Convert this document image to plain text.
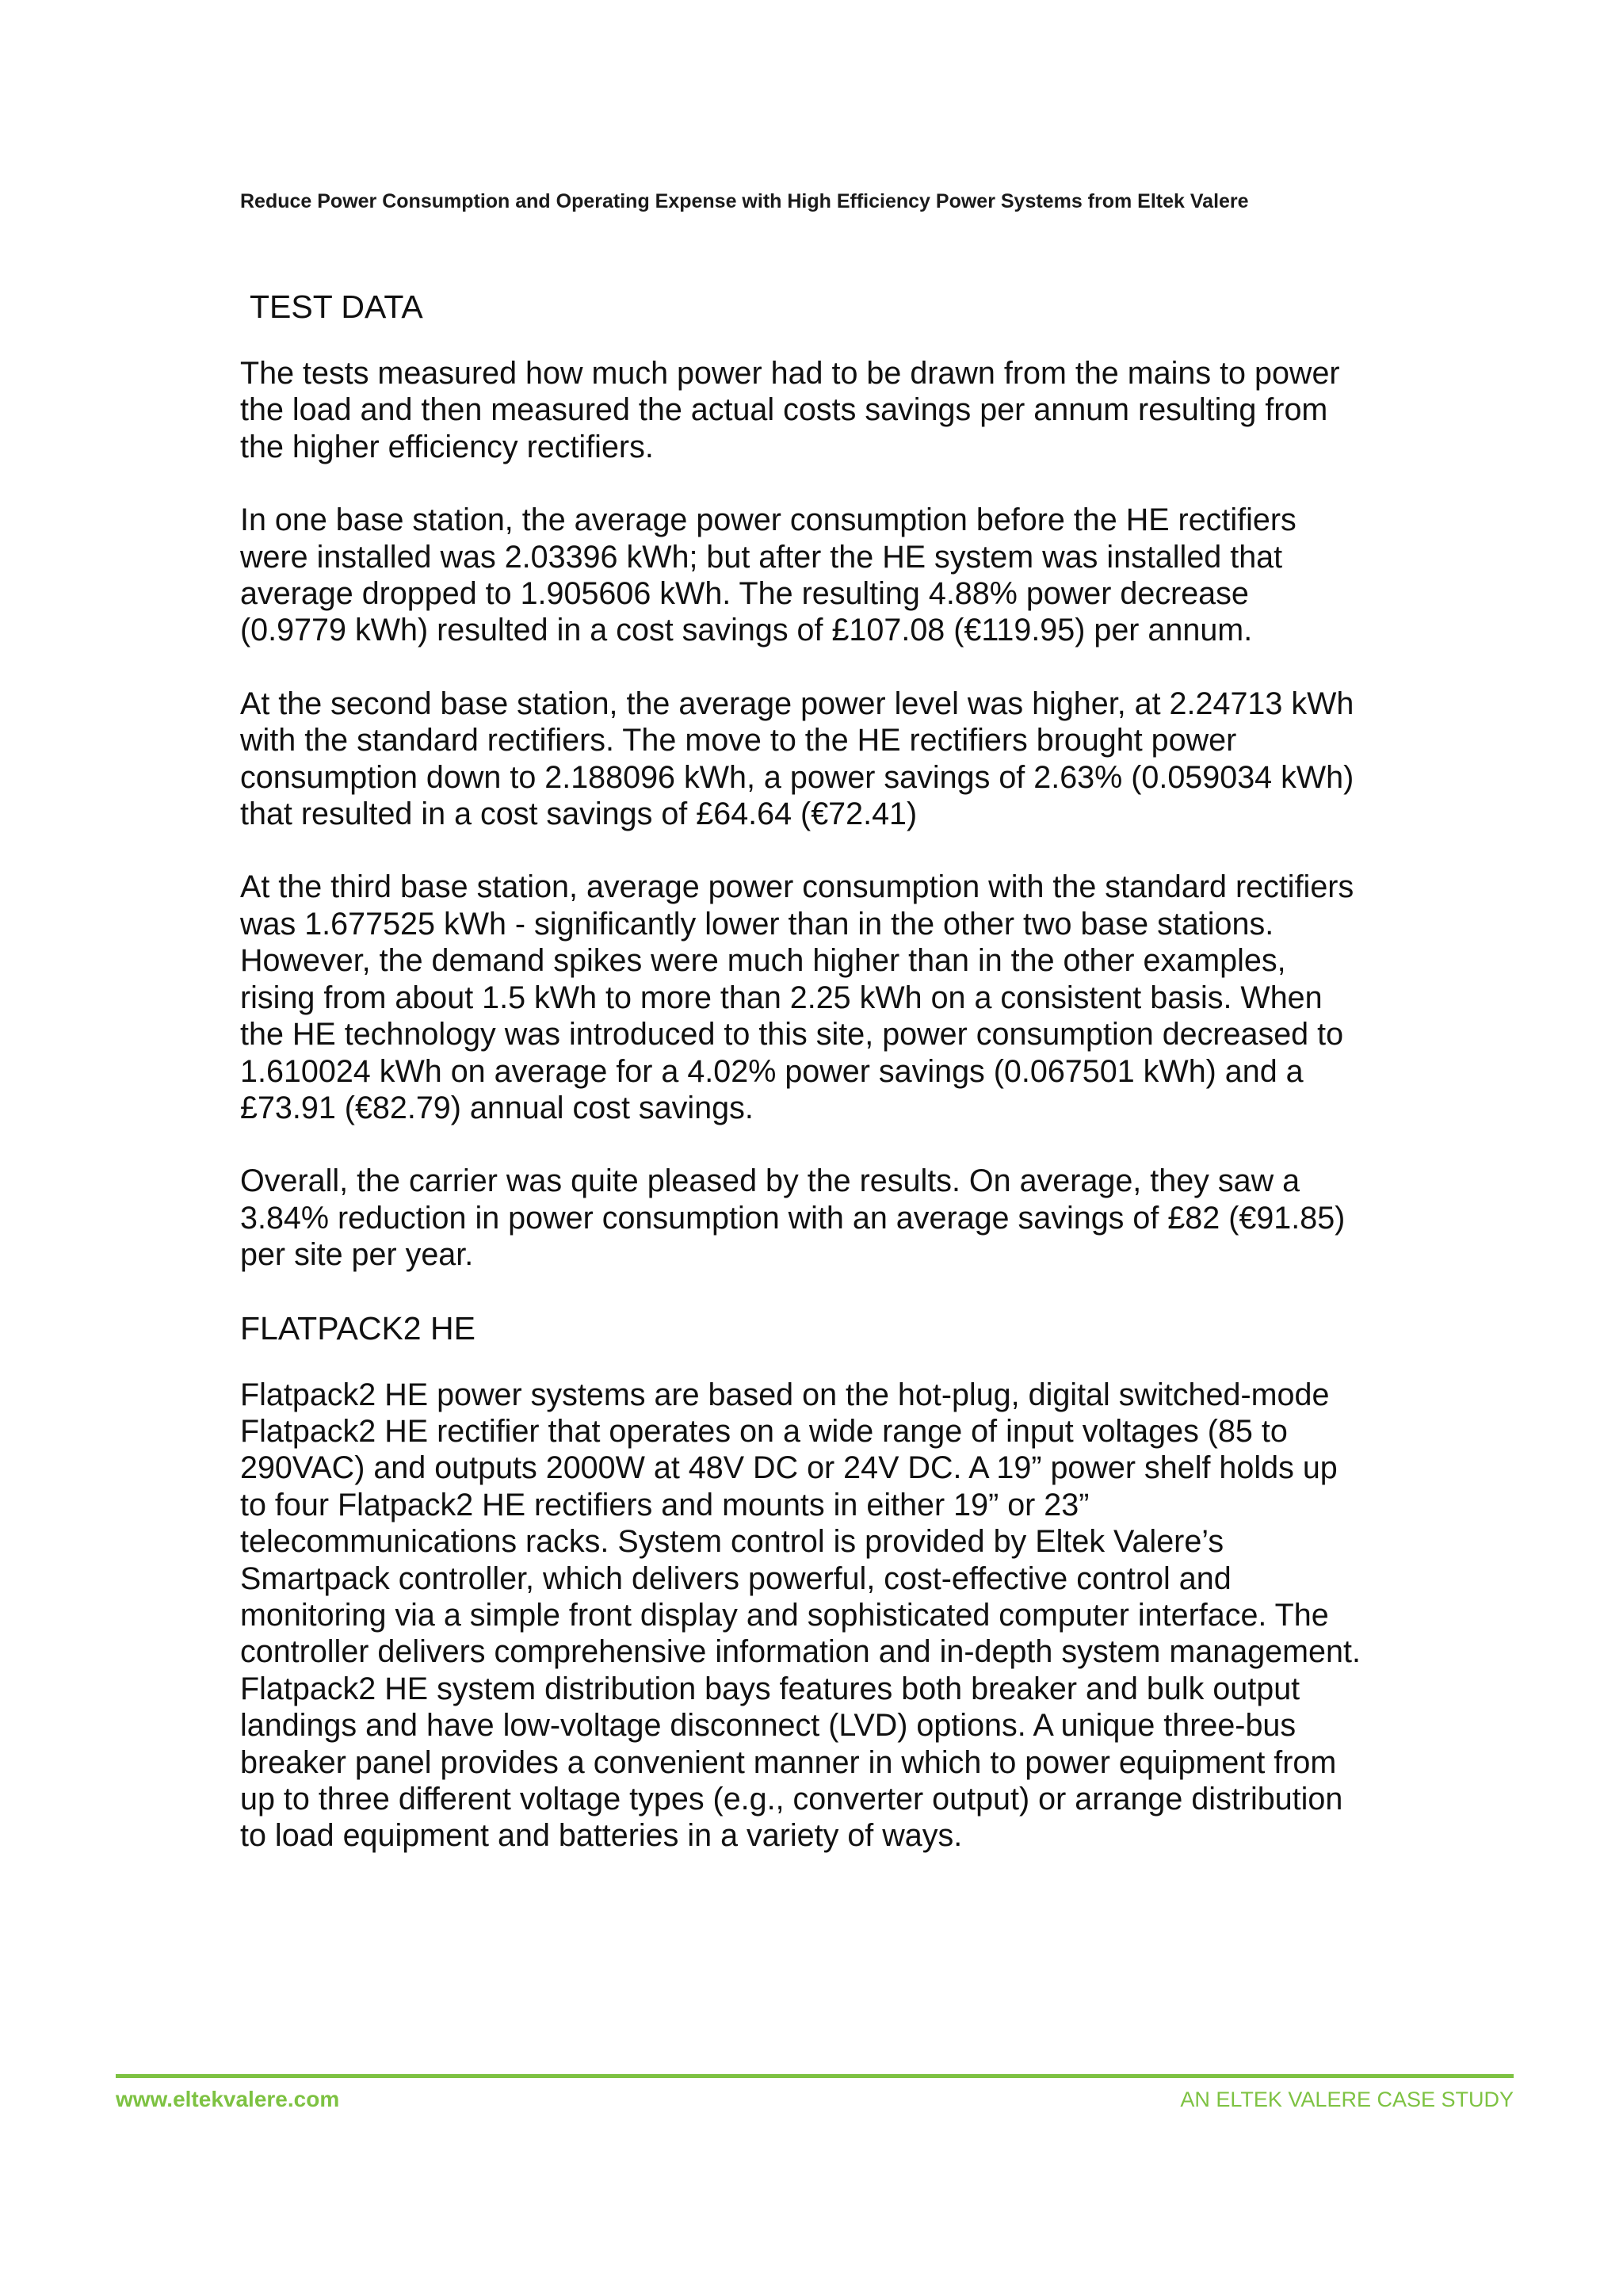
Reduce Power Consumption and Operating Expense with High Efficiency Power Systems from Eltek Valere
TEST DATA

The tests measured how much power had to be drawn from the mains to power
the load and then measured the actual costs savings per annum resulting from
the higher efficiency rectifiers.

In one base station, the average power consumption before the HE rectifiers
were installed was 2.03396 kWh; but after the HE system was installed that
average dropped to 1.905606 kWh. The resulting 4.88% power decrease
(0.9779 kWh) resulted in a cost savings of £107.08 (€119.95) per annum.

At the second base station, the average power level was higher, at 2.24713 kWh
with the standard rectifiers. The move to the HE rectifiers brought power
consumption down to 2.188096 kWh, a power savings of 2.63% (0.059034 kWh)
that resulted in a cost savings of £64.64 (€72.41)

At the third base station, average power consumption with the standard rectifiers
was 1.677525 kWh - significantly lower than in the other two base stations.
However, the demand spikes were much higher than in the other examples,
rising from about 1.5 kWh to more than 2.25 kWh on a consistent basis. When
the HE technology was introduced to this site, power consumption decreased to
1.610024 kWh on average for a 4.02% power savings (0.067501 kWh) and a
£73.91 (€82.79) annual cost savings.

Overall, the carrier was quite pleased by the results. On average, they saw a
3.84% reduction in power consumption with an average savings of £82 (€91.85)
per site per year.

FLATPACK2 HE

Flatpack2 HE power systems are based on the hot-plug, digital switched-mode
Flatpack2 HE rectifier that operates on a wide range of input voltages (85 to
290VAC) and outputs 2000W at 48V DC or 24V DC. A 19” power shelf holds up
to four Flatpack2 HE rectifiers and mounts in either 19” or 23”
telecommunications racks. System control is provided by Eltek Valere’s
Smartpack controller, which delivers powerful, cost-effective control and
monitoring via a simple front display and sophisticated computer interface. The
controller delivers comprehensive information and in-depth system management.
Flatpack2 HE system distribution bays features both breaker and bulk output
landings and have low-voltage disconnect (LVD) options. A unique three-bus
breaker panel provides a convenient manner in which to power equipment from
up to three different voltage types (e.g., converter output) or arrange distribution
to load equipment and batteries in a variety of ways.

www.eltekvalere.com	AN ELTEK VALERE CASE STUDY
